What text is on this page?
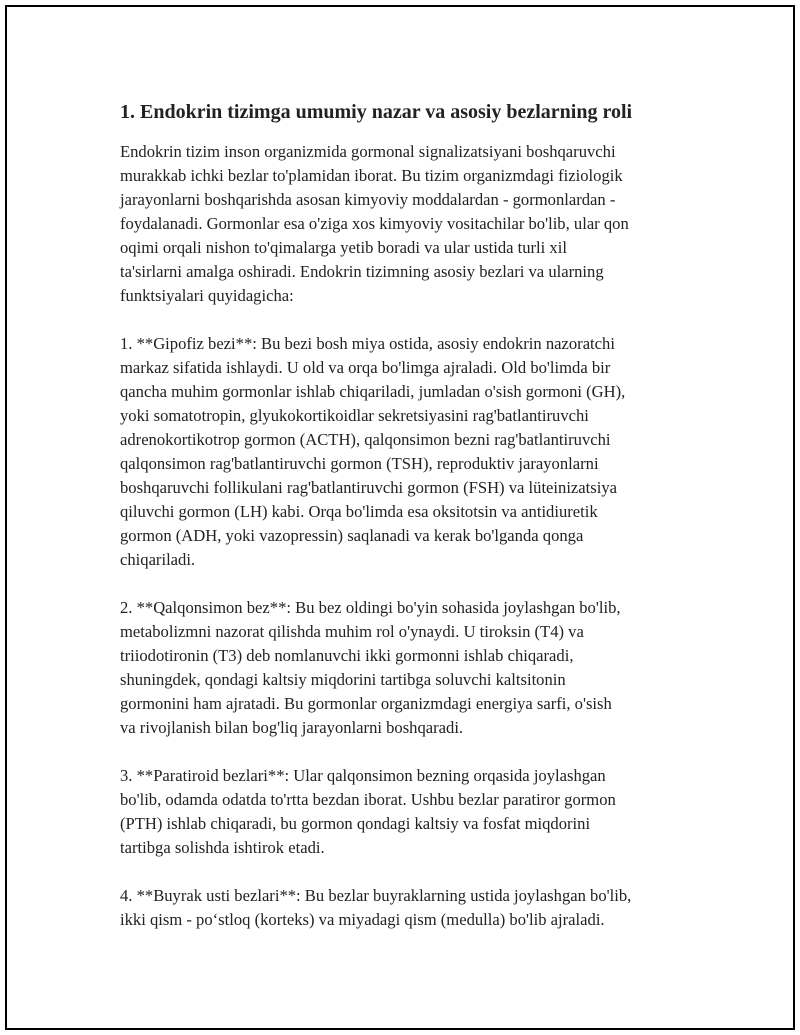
1. Endokrin tizimga umumiy nazar va asosiy bezlarning roli

Endokrin tizim inson organizmida gormonal signalizatsiyani boshqaruvchi
murakkab ichki bezlar to'plamidan iborat. Bu tizim organizmdagi fiziologik
jarayonlarni boshqarishda asosan kimyoviy moddalardan - gormonlardan -
foydalanadi. Gormonlar esa o'ziga xos kimyoviy vositachilar bo'lib, ular qon
oqimi orqali nishon to'qimalarga yetib boradi va ular ustida turli xil
ta'sirlarni amalga oshiradi. Endokrin tizimning asosiy bezlari va ularning
funktsiyalari quyidagicha:

1. **Gipofiz bezi**: Bu bezi bosh miya ostida, asosiy endokrin nazoratchi
markaz sifatida ishlaydi. U old va orqa bo'limga ajraladi. Old bo'limda bir
qancha muhim gormonlar ishlab chiqariladi, jumladan o'sish gormoni (GH),
yoki somatotropin, glyukokortikoidlar sekretsiyasini rag'batlantiruvchi
adrenokortikotrop gormon (ACTH), qalqonsimon bezni rag'batlantiruvchi
qalqonsimon rag'batlantiruvchi gormon (TSH), reproduktiv jarayonlarni
boshqaruvchi follikulani rag'batlantiruvchi gormon (FSH) va lüteinizatsiya
qiluvchi gormon (LH) kabi. Orqa bo'limda esa oksitotsin va antidiuretik
gormon (ADH, yoki vazopressin) saqlanadi va kerak bo'lganda qonga
chiqariladi.

2. **Qalqonsimon bez**: Bu bez oldingi bo'yin sohasida joylashgan bo'lib,
metabolizmni nazorat qilishda muhim rol o'ynaydi. U tiroksin (T4) va
triiodotironin (T3) deb nomlanuvchi ikki gormonni ishlab chiqaradi,
shuningdek, qondagi kaltsiy miqdorini tartibga soluvchi kaltsitonin
gormonini ham ajratadi. Bu gormonlar organizmdagi energiya sarfi, o'sish
va rivojlanish bilan bog'liq jarayonlarni boshqaradi.

3. **Paratiroid bezlari**: Ular qalqonsimon bezning orqasida joylashgan
bo'lib, odamda odatda to'rtta bezdan iborat. Ushbu bezlar paratiror gormon
(PTH) ishlab chiqaradi, bu gormon qondagi kaltsiy va fosfat miqdorini
tartibga solishda ishtirok etadi.

4. **Buyrak usti bezlari**: Bu bezlar buyraklarning ustida joylashgan bo'lib,
ikki qism - po‘stloq (korteks) va miyadagi qism (medulla) bo'lib ajraladi.
